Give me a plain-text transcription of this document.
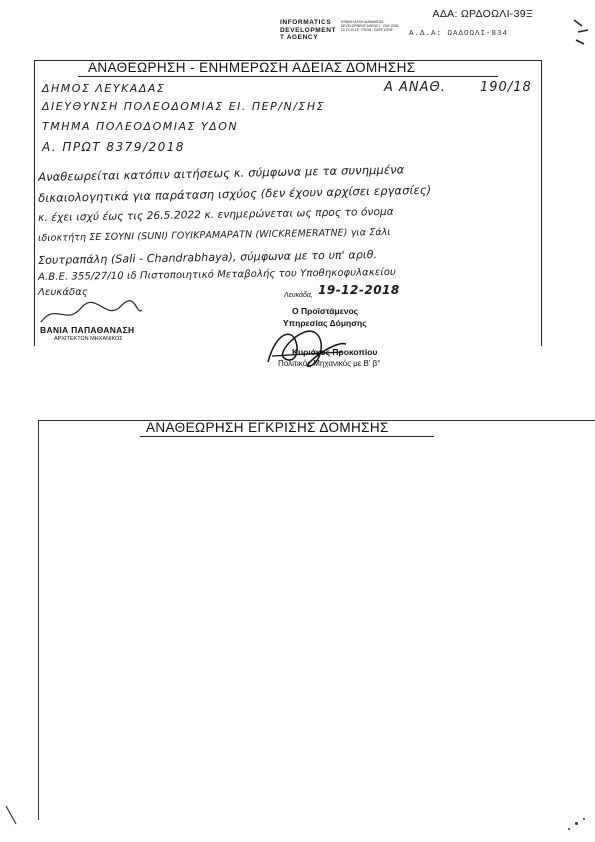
ΑΔΑ: ΩΡΔΟΩΛΙ-39Ξ
INFORMATICS
DEVELOPMENT
T AGENCY
ΕΘΝΙΚΗ ΑΡΧΗ ΔΙΑΦΑΝΕΙΑΣ · DEVELOPMENT AGENCY · DAY 2018-12-19 10:18 · FROM · DATE ZONE	Α.Δ.Α: ΩΑΔΟΩΛΙ-834
ΑΝΑΘΕΩΡΗΣΗ - ΕΝΗΜΕΡΩΣΗ ΑΔΕΙΑΣ ΔΟΜΗΣΗΣ
Α ΑΝΑΘ.	190/18
ΔΗΜΟΣ ΛΕΥΚΑΔΑΣ
ΔΙΕΥΘΥΝΣΗ ΠΟΛΕΟΔΟΜΙΑΣ ΕΙ. ΠΕΡ/Ν/ΣΗΣ
ΤΜΗΜΑ ΠΟΛΕΟΔΟΜΙΑΣ ΥΔΟΝ
Α. ΠΡΩΤ 8379/2018
Αναθεωρείται κατόπιν αιτήσεως κ. σύμφωνα με τα συνημμένα
δικαιολογητικά για παράταση ισχύος (δεν έχουν αρχίσει εργασίες)
κ. έχει ισχύ έως τις 26.5.2022 κ. ενημερώνεται ως προς το όνομα
ιδιοκτήτη ΣΕ ΣΟΥΝΙ (SUNI) ΓΟΥΙΚΡΑΜΑΡΑΤΝ (WICKREMERATNE) για Σάλι
Σουτραπάλη (Sali - Chandrabhaya), σύμφωνα με το υπ' αριθ.
Α.Β.Ε. 355/27/10 ιδ Πιστοποιητικό Μεταβολής του Υποθηκοφυλακείου
Λευκάδας	Λευκάδα, 19-12-2018
ΒΑΝΙΑ ΠΑΠΑΘΑΝΑΣΗ
ΑΡΧΙΤΕΚΤΩΝ ΜΗΧΑΝΙΚΟΣ
Ο Προϊστάμενος
Υπηρεσίας Δόμησης
Κυριάκος Προκοπίου
Πολιτικός Μηχανικός με Β' β°
ΑΝΑΘΕΩΡΗΣΗ ΕΓΚΡΙΣΗΣ ΔΟΜΗΣΗΣ
